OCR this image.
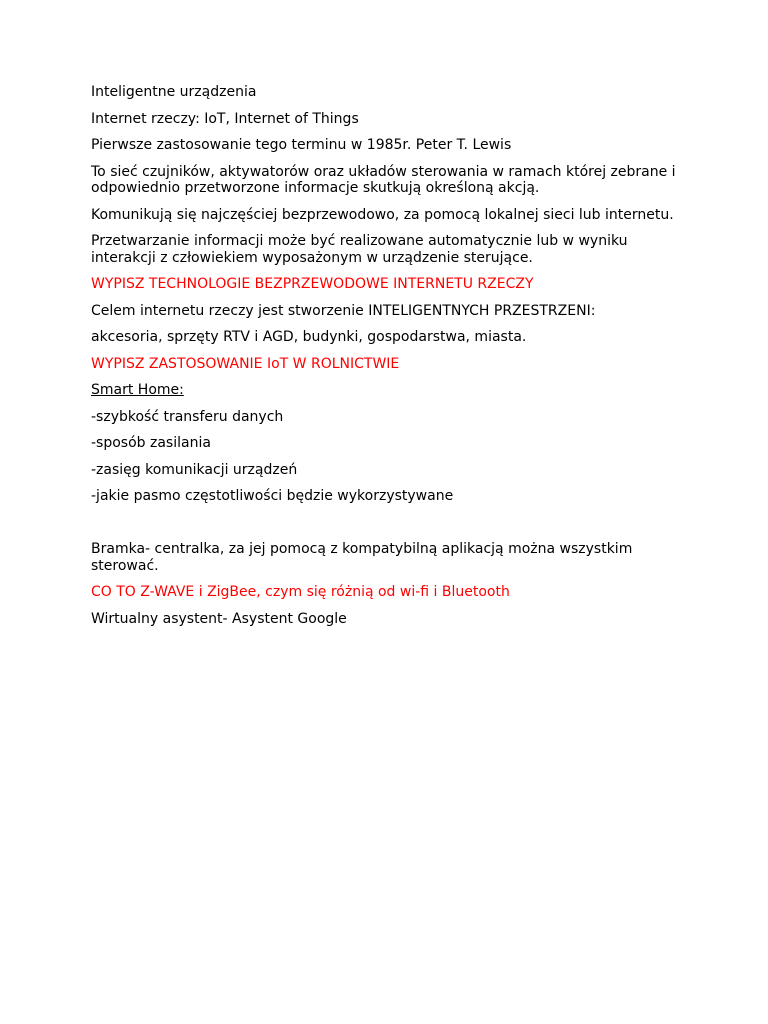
Inteligentne urządzenia

Internet rzeczy: IoT, Internet of Things

Pierwsze zastosowanie tego terminu w 1985r. Peter T. Lewis

To sieć czujników, aktywatorów oraz układów sterowania w ramach której zebrane i odpowiednio przetworzone informacje skutkują określoną akcją.

Komunikują się najczęściej bezprzewodowo, za pomocą lokalnej sieci lub internetu.

Przetwarzanie informacji może być realizowane automatycznie lub w wyniku interakcji z człowiekiem wyposażonym w urządzenie sterujące.

WYPISZ TECHNOLOGIE BEZPRZEWODOWE INTERNETU RZECZY

Celem internetu rzeczy jest stworzenie INTELIGENTNYCH PRZESTRZENI:

akcesoria, sprzęty RTV i AGD, budynki, gospodarstwa, miasta.

WYPISZ ZASTOSOWANIE IoT W ROLNICTWIE

Smart Home:

-szybkość transferu danych

-sposób zasilania

-zasięg komunikacji urządzeń

-jakie pasmo częstotliwości będzie wykorzystywane

Bramka- centralka, za jej pomocą z kompatybilną aplikacją można wszystkim sterować.

CO TO Z-WAVE i ZigBee, czym się różnią od wi-fi i Bluetooth

Wirtualny asystent- Asystent Google
